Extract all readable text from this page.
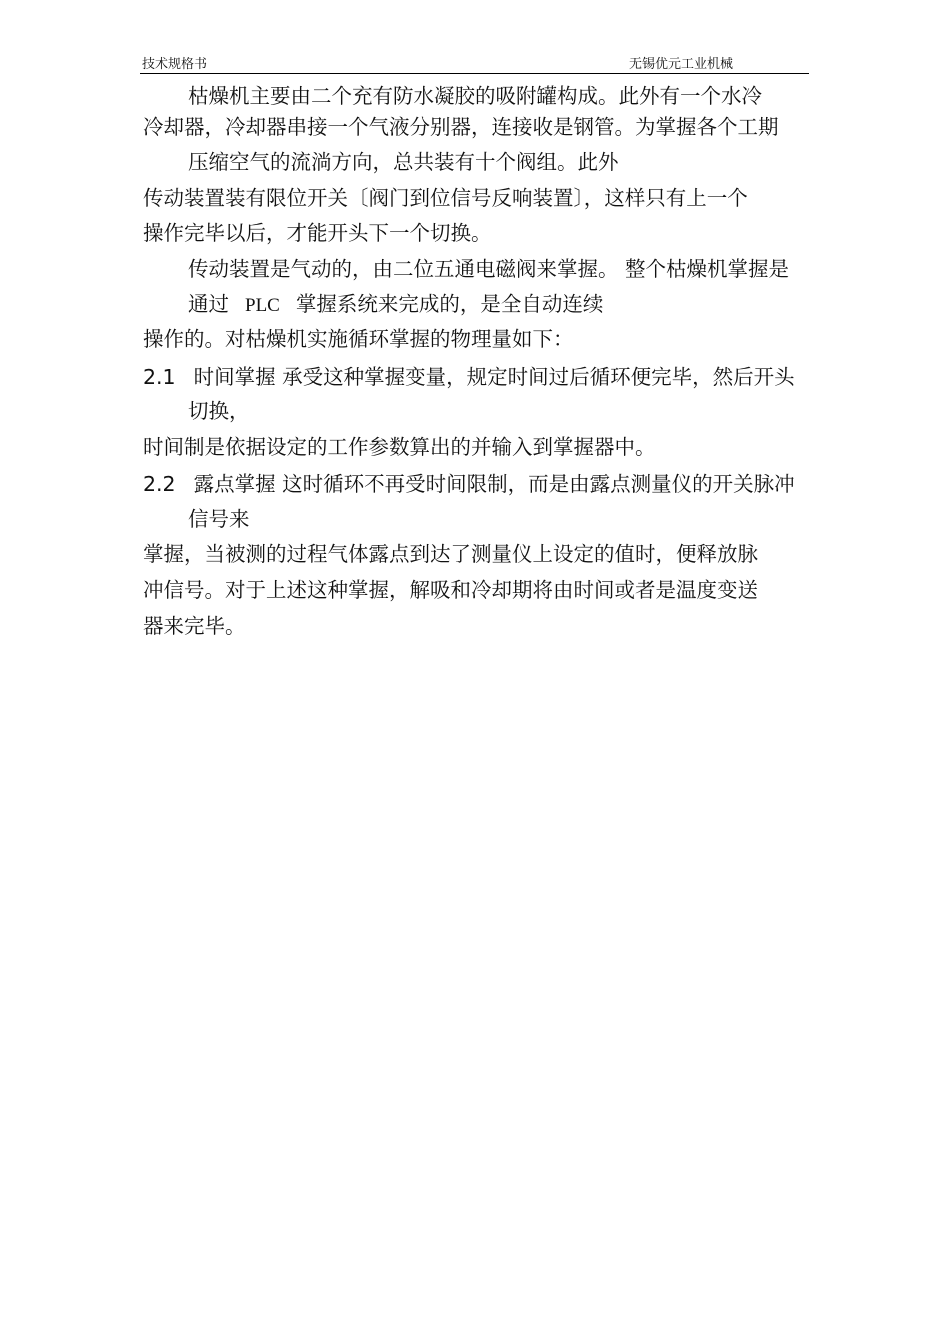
技术规格书	无锡优元工业机械
枯燥机主要由二个充有防水凝胶的吸附罐构成。此外有一个水冷
冷却器，冷却器串接一个气液分别器，连接收是钢管。为掌握各个工期
压缩空气的流淌方向，总共装有十个阀组。此外
传动装置装有限位开关〔阀门到位信号反响装置〕，这样只有上一个
操作完毕以后，才能开头下一个切换。
传动装置是气动的，由二位五通电磁阀来掌握。 整个枯燥机掌握是
通过 PLC 掌握系统来完成的，是全自动连续
操作的。对枯燥机实施循环掌握的物理量如下：
2.1 时间掌握 承受这种掌握变量，规定时间过后循环便完毕，然后开头
切换，
时间制是依据设定的工作参数算出的并输入到掌握器中。
2.2 露点掌握 这时循环不再受时间限制，而是由露点测量仪的开关脉冲
信号来
掌握，当被测的过程气体露点到达了测量仪上设定的值时，便释放脉
冲信号。对于上述这种掌握，解吸和冷却期将由时间或者是温度变送
器来完毕。
